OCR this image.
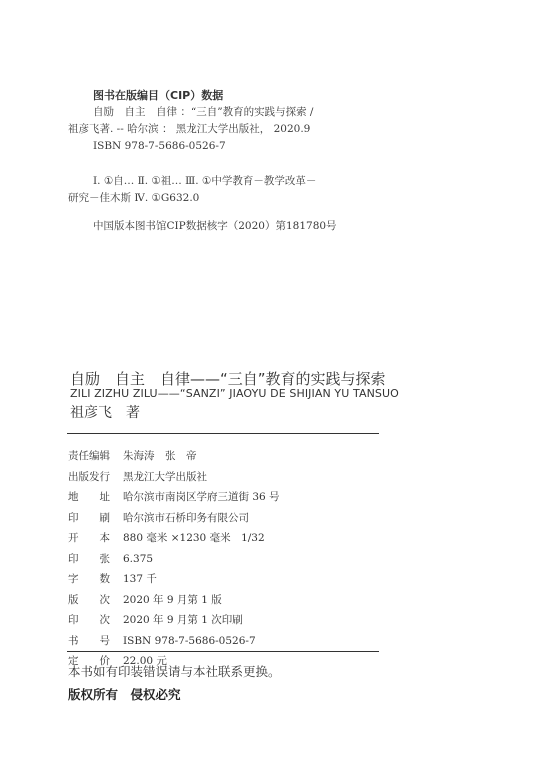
图书在版编目（CIP）数据
自励　自主　自律 ：“三自”教育的实践与探索 /
祖彦飞著. -- 哈尔滨 ： 黑龙江大学出版社， 2020.9
ISBN 978-7-5686-0526-7
Ⅰ. ①自… Ⅱ. ①祖… Ⅲ. ①中学教育－教学改革－
研究－佳木斯 Ⅳ. ①G632.0
中国版本图书馆CIP数据核字（2020）第181780号
自励　自主　自律——“三自”教育的实践与探索
ZILI ZIZHU ZILU——“SANZI” JIAOYU DE SHIJIAN YU TANSUO
祖彦飞　著
责任编辑	朱海涛　张　帝
出版发行	黑龙江大学出版社
地　　址	哈尔滨市南岗区学府三道街 36 号
印　　刷	哈尔滨市石桥印务有限公司
开　　本	880 毫米 ×1230 毫米　1/32
印　　张	6.375
字　　数	137 千
版　　次	2020 年 9 月第 1 版
印　　次	2020 年 9 月第 1 次印刷
书　　号	ISBN 978-7-5686-0526-7
定　　价	22.00 元
本书如有印装错误请与本社联系更换。
版权所有　侵权必究
